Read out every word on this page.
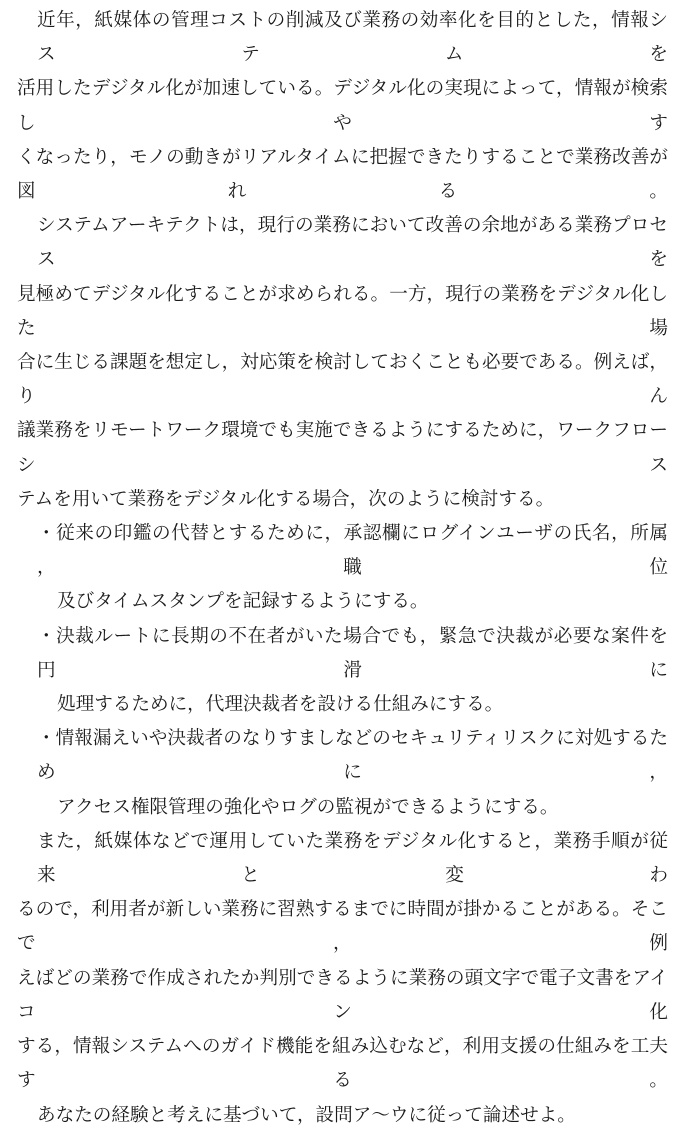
近年，紙媒体の管理コストの削減及び業務の効率化を目的とした，情報システムを
活用したデジタル化が加速している。デジタル化の実現によって，情報が検索しやす
くなったり，モノの動きがリアルタイムに把握できたりすることで業務改善が図れる。
システムアーキテクトは，現行の業務において改善の余地がある業務プロセスを
見極めてデジタル化することが求められる。一方，現行の業務をデジタル化した場
合に生じる課題を想定し，対応策を検討しておくことも必要である。例えば，りん
議業務をリモートワーク環境でも実施できるようにするために，ワークフローシス
テムを用いて業務をデジタル化する場合，次のように検討する。
・従来の印鑑の代替とするために，承認欄にログインユーザの氏名，所属，職位
及びタイムスタンプを記録するようにする。
・決裁ルートに長期の不在者がいた場合でも，緊急で決裁が必要な案件を円滑に
処理するために，代理決裁者を設ける仕組みにする。
・情報漏えいや決裁者のなりすましなどのセキュリティリスクに対処するために，
アクセス権限管理の強化やログの監視ができるようにする。
また，紙媒体などで運用していた業務をデジタル化すると，業務手順が従来と変わ
るので，利用者が新しい業務に習熟するまでに時間が掛かることがある。そこで，例
えばどの業務で作成されたか判別できるように業務の頭文字で電子文書をアイコン化
する，情報システムへのガイド機能を組み込むなど，利用支援の仕組みを工夫する。
あなたの経験と考えに基づいて，設問ア～ウに従って論述せよ。
